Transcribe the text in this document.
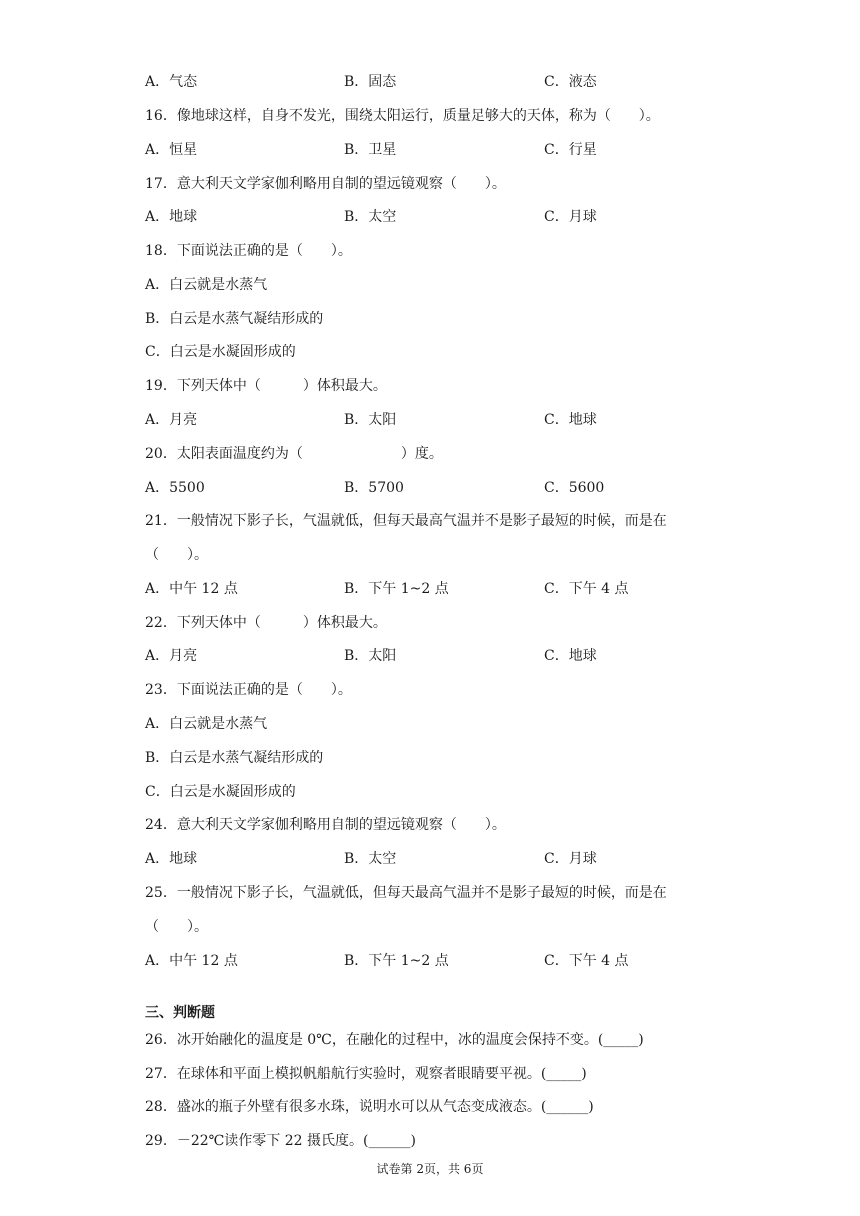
A．气态	B．固态	C．液态
16．像地球这样，自身不发光，围绕太阳运行，质量足够大的天体，称为（　　）。
A．恒星	B．卫星	C．行星
17．意大利天文学家伽利略用自制的望远镜观察（　　）。
A．地球	B．太空	C．月球
18．下面说法正确的是（　　）。
A．白云就是水蒸气
B．白云是水蒸气凝结形成的
C．白云是水凝固形成的
19．下列天体中（　　　）体积最大。
A．月亮	B．太阳	C．地球
20．太阳表面温度约为（　　　　　　　）度。
A．5500	B．5700	C．5600
21．一般情况下影子长，气温就低，但每天最高气温并不是影子最短的时候，而是在
（　　）。
A．中午 12 点	B．下午 1~2 点	C．下午 4 点
22．下列天体中（　　　）体积最大。
A．月亮	B．太阳	C．地球
23．下面说法正确的是（　　）。
A．白云就是水蒸气
B．白云是水蒸气凝结形成的
C．白云是水凝固形成的
24．意大利天文学家伽利略用自制的望远镜观察（　　）。
A．地球	B．太空	C．月球
25．一般情况下影子长，气温就低，但每天最高气温并不是影子最短的时候，而是在
（　　）。
A．中午 12 点	B．下午 1~2 点	C．下午 4 点
三、判断题
26．冰开始融化的温度是 0℃，在融化的过程中，冰的温度会保持不变。(_____)
27．在球体和平面上模拟帆船航行实验时，观察者眼睛要平视。(_____)
28．盛冰的瓶子外壁有很多水珠，说明水可以从气态变成液态。(______)
29．－22℃读作零下 22 摄氏度。(______)
试卷第 2页，共 6页
